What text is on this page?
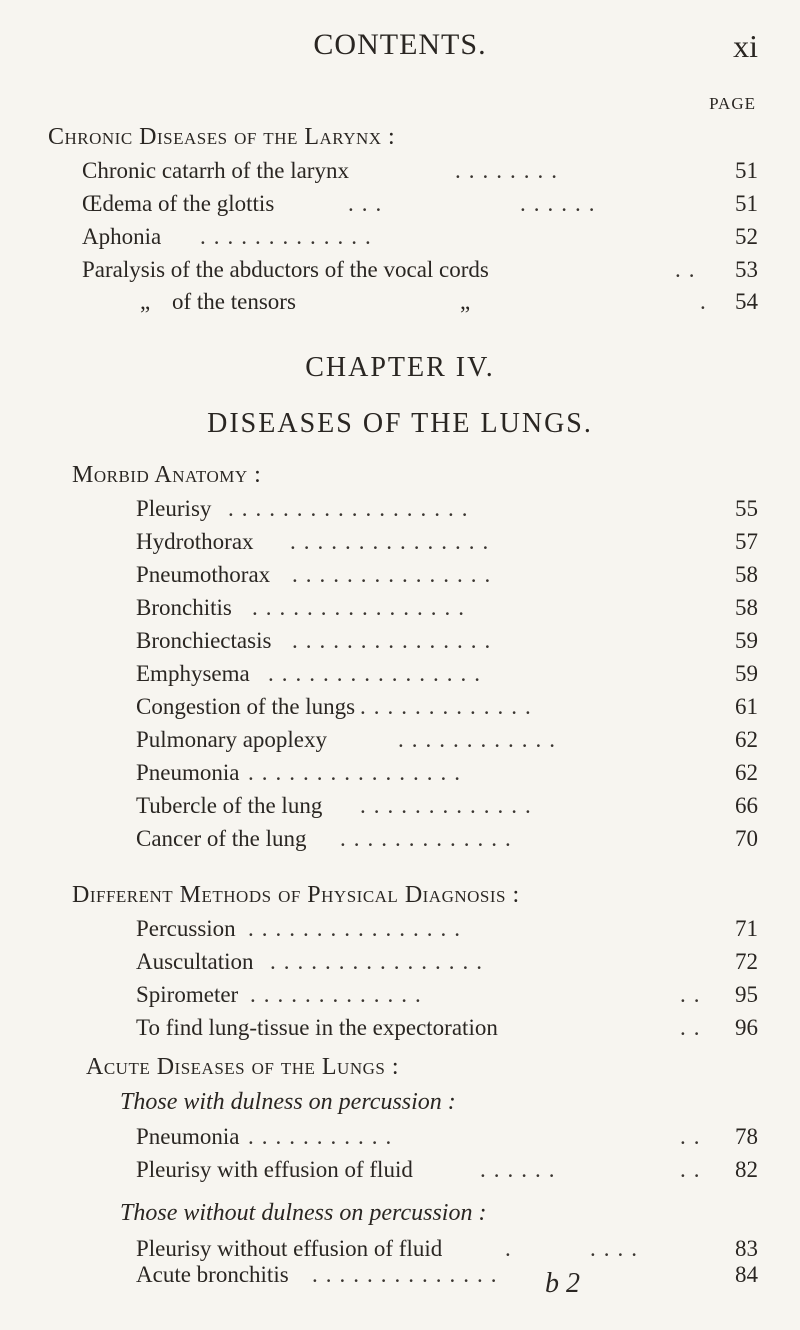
CONTENTS.	xi
PAGE
Chronic Diseases of the Larynx :
Chronic catarrh of the larynx	........	51
Œdema of the glottis	...	......	51
Aphonia .............	52
Paralysis of the abductors of the vocal cords	..	53
„ of the tensors	„	. 54
CHAPTER IV.
DISEASES OF THE LUNGS.
Morbid Anatomy :
Pleurisy ..................	55
Hydrothorax ...............	57
Pneumothorax ...............	58
Bronchitis ................	58
Bronchiectasis ...............	59
Emphysema ................	59
Congestion of the lungs .............	61
Pulmonary apoplexy	............	62
Pneumonia ................	62
Tubercle of the lung .............	66
Cancer of the lung .............	70
Different Methods of Physical Diagnosis :
Percussion ................	71
Auscultation ................	72
Spirometer .............	..	95
To find lung-tissue in the expectoration	..	96
Acute Diseases of the Lungs :
Those with dulness on percussion :
Pneumonia ...........	..	78
Pleurisy with effusion of fluid	......	..	82
Those without dulness on percussion :
Pleurisy without effusion of fluid	.	....	83
Acute bronchitis ..............	84
b 2
